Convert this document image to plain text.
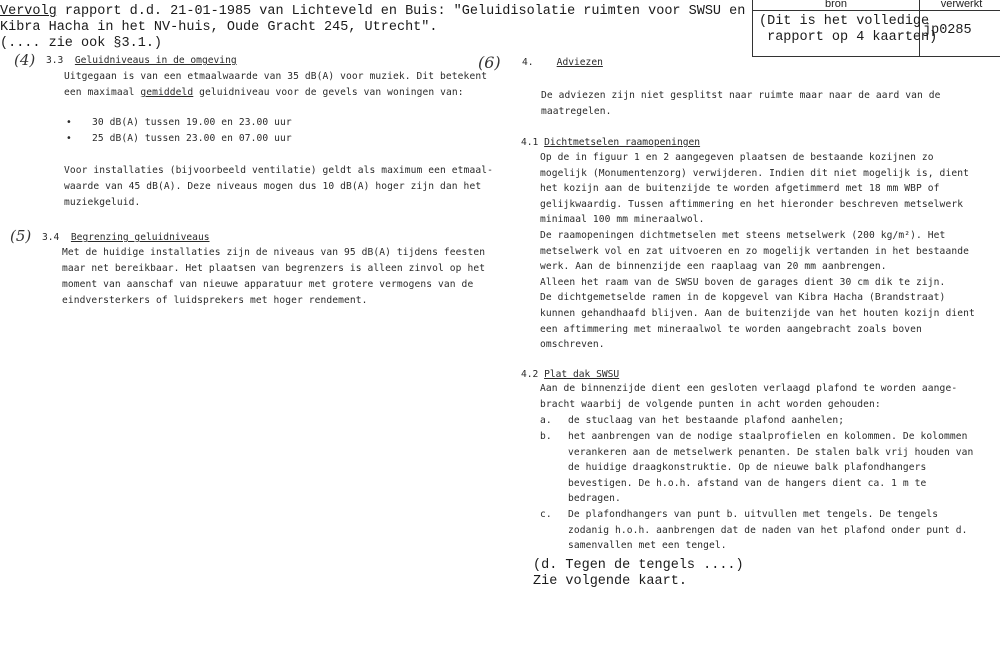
Vervolg rapport d.d. 21-01-1985 van Lichteveld en Buis: "Geluidisolatie ruimten voor SWSU en
Kibra Hacha in het NV-huis, Oude Gracht 245, Utrecht".
(.... zie ook §3.1.)
bron	verwerkt
(Dit is het volledige
rapport op 4 kaarten)
jp0285
(4) 3.3 Geluidniveaus in de omgeving
Uitgegaan is van een etmaalwaarde van 35 dB(A) voor muziek. Dit betekent
een maximaal gemiddeld geluidniveau voor de gevels van woningen van:
• 30 dB(A) tussen 19.00 en 23.00 uur
• 25 dB(A) tussen 23.00 en 07.00 uur
Voor installaties (bijvoorbeeld ventilatie) geldt als maximum een etmaal-
waarde van 45 dB(A). Deze niveaus mogen dus 10 dB(A) hoger zijn dan het
muziekgeluid.
(5) 3.4 Begrenzing geluidniveaus
Met de huidige installaties zijn de niveaus van 95 dB(A) tijdens feesten
maar net bereikbaar. Het plaatsen van begrenzers is alleen zinvol op het
moment van aanschaf van nieuwe apparatuur met grotere vermogens van de
eindversterkers of luidsprekers met hoger rendement.
(6) 4. Adviezen
De adviezen zijn niet gesplitst naar ruimte maar naar de aard van de
maatregelen.
4.1 Dichtmetselen raamopeningen
Op de in figuur 1 en 2 aangegeven plaatsen de bestaande kozijnen zo
mogelijk (Monumentenzorg) verwijderen. Indien dit niet mogelijk is, dient
het kozijn aan de buitenzijde te worden afgetimmerd met 18 mm WBP of
gelijkwaardig. Tussen aftimmering en het hieronder beschreven metselwerk
minimaal 100 mm mineraalwol.
De raamopeningen dichtmetselen met steens metselwerk (200 kg/m²). Het
metselwerk vol en zat uitvoeren en zo mogelijk vertanden in het bestaande
werk. Aan de binnenzijde een raaplaag van 20 mm aanbrengen.
Alleen het raam van de SWSU boven de garages dient 30 cm dik te zijn.
De dichtgemetselde ramen in de kopgevel van Kibra Hacha (Brandstraat)
kunnen gehandhaafd blijven. Aan de buitenzijde van het houten kozijn dient
een aftimmering met mineraalwol te worden aangebracht zoals boven
omschreven.
4.2 Plat dak SWSU
Aan de binnenzijde dient een gesloten verlaagd plafond te worden aange-
bracht waarbij de volgende punten in acht worden gehouden:
a. de stuclaag van het bestaande plafond aanhelen;
b. het aanbrengen van de nodige staalprofielen en kolommen. De kolommen
verankeren aan de metselwerk penanten. De stalen balk vrij houden van
de huidige draagkonstruktie. Op de nieuwe balk plafondhangers
bevestigen. De h.o.h. afstand van de hangers dient ca. 1 m te
bedragen.
c. De plafondhangers van punt b. uitvullen met tengels. De tengels
zodanig h.o.h. aanbrengen dat de naden van het plafond onder punt d.
samenvallen met een tengel.
(d. Tegen de tengels ....)
Zie volgende kaart.
